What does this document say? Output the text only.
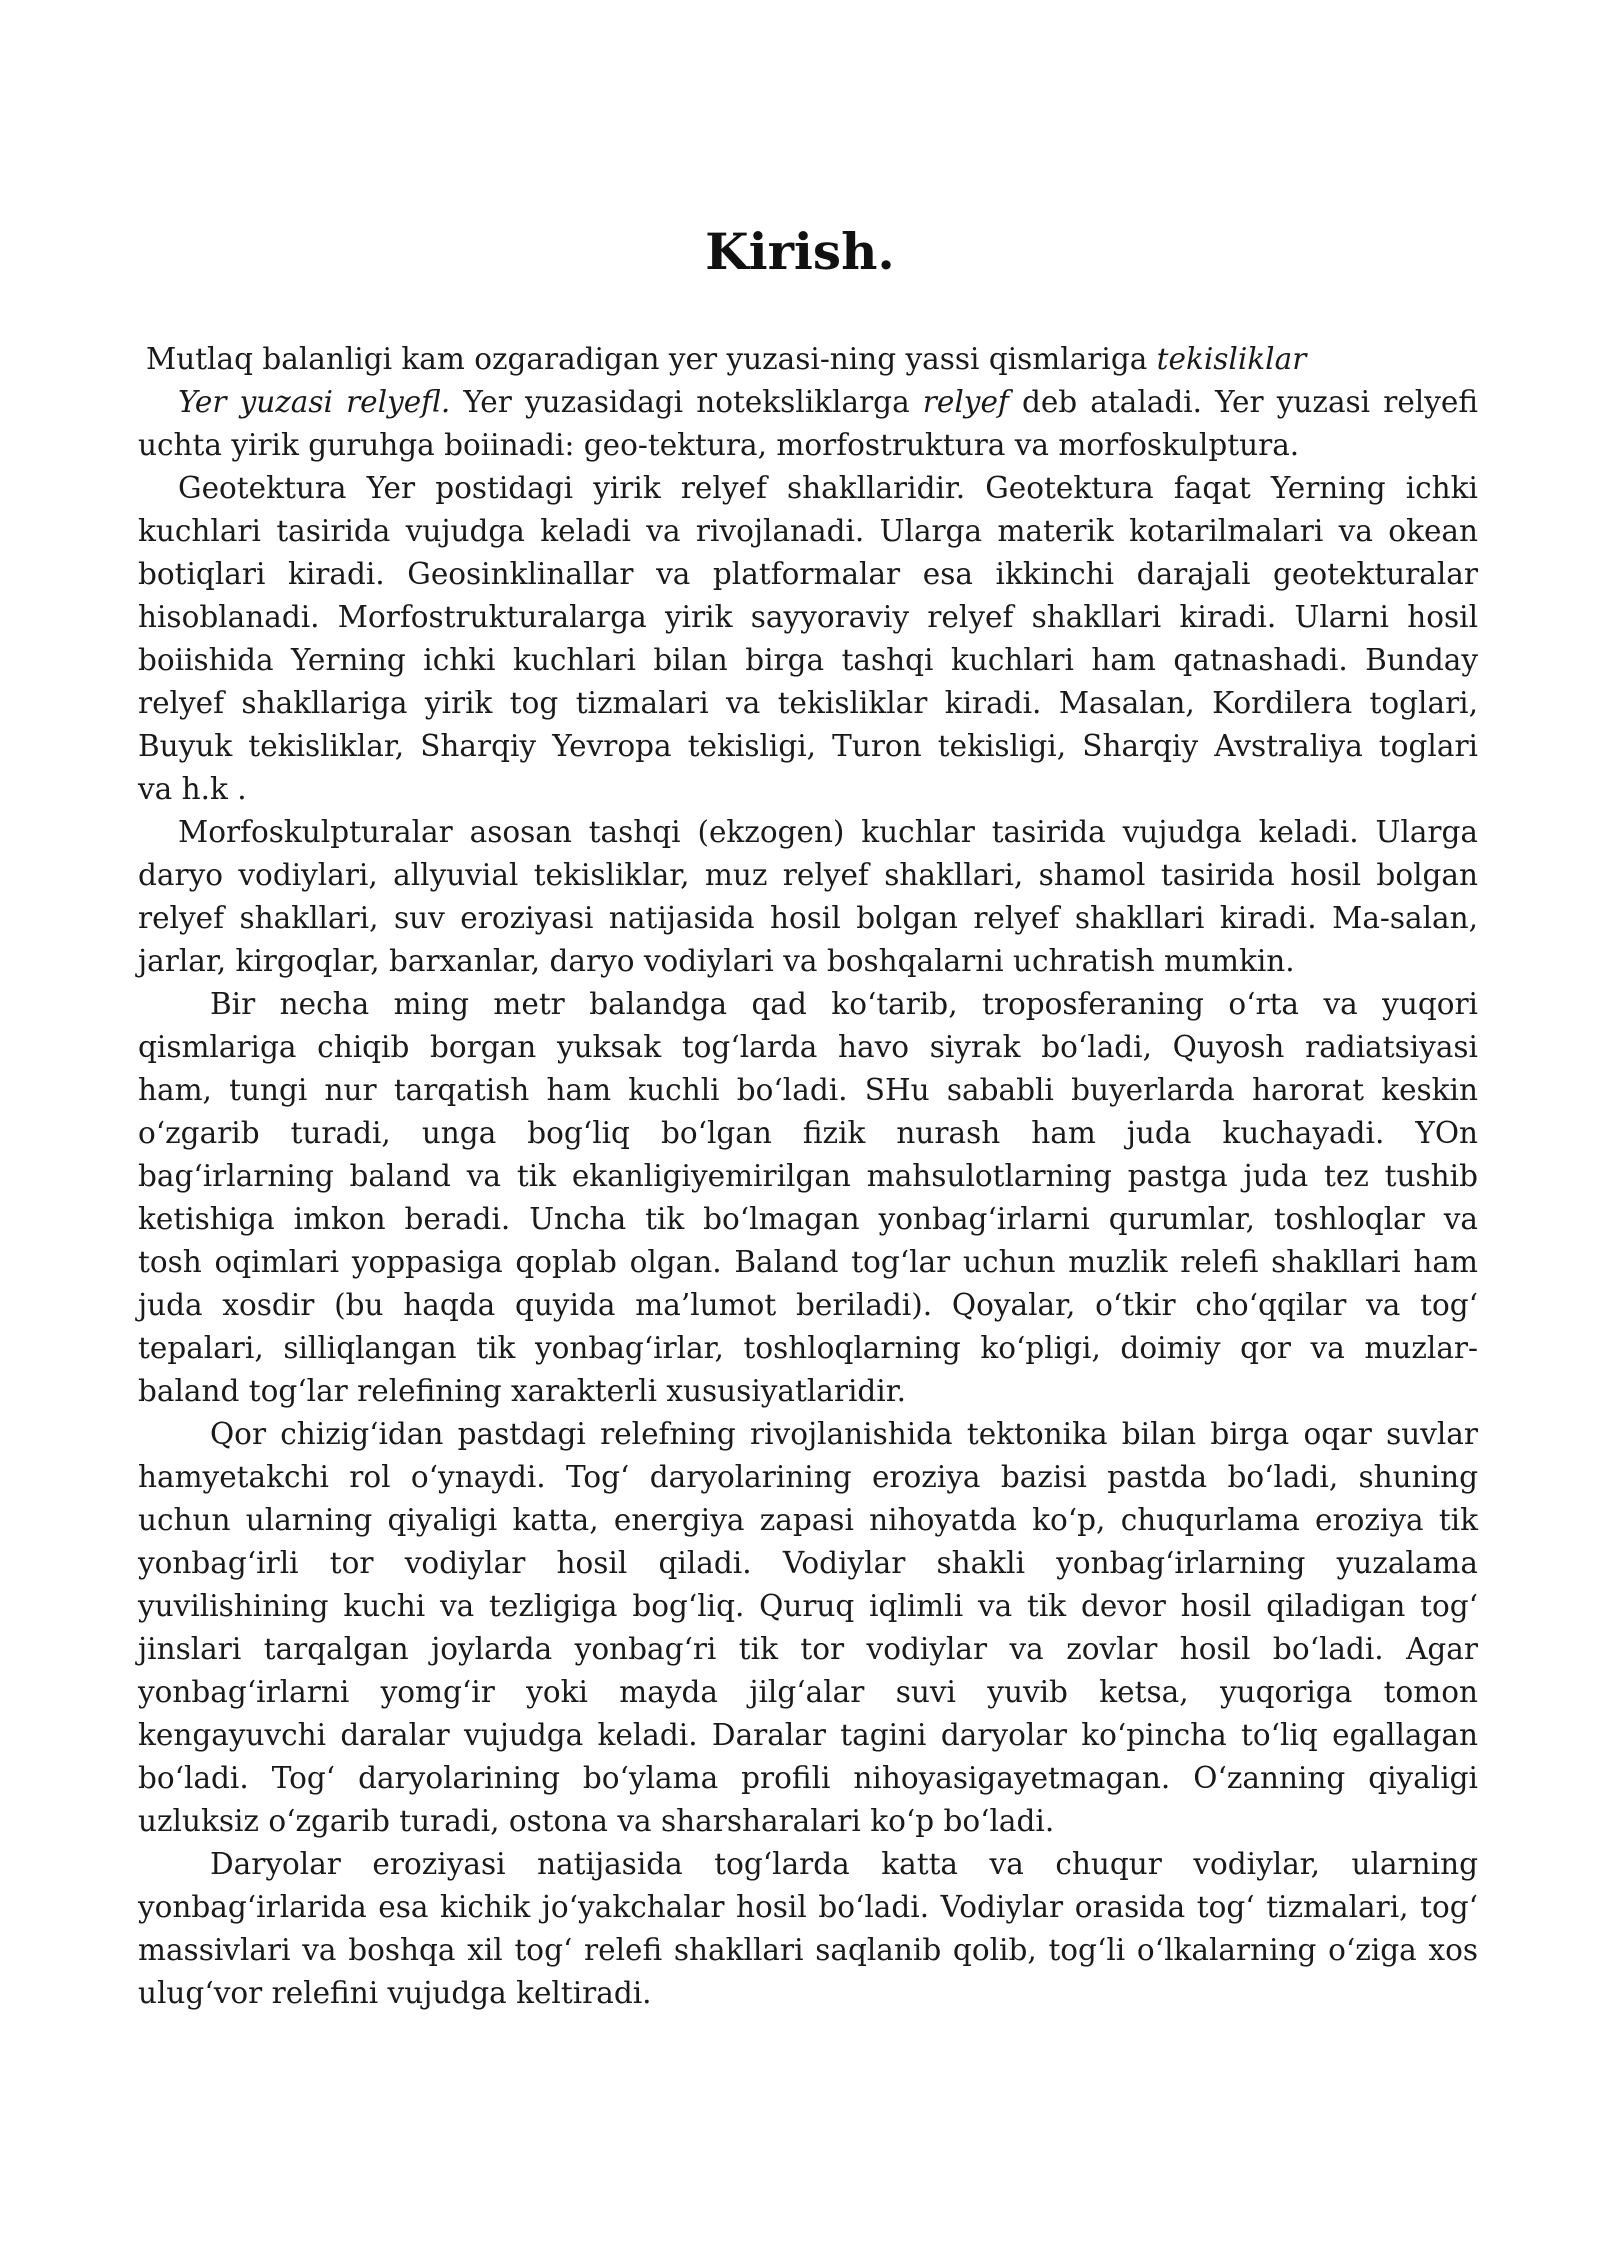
Kirish.
Mutlaq balanligi kam ozgaradigan yer yuzasi-ning yassi qismlariga tekisliklar
Yer yuzasi relyefl. Yer yuzasidagi noteksliklarga relyef deb ataladi. Yer yuzasi relyefi
uchta yirik guruhga boiinadi: geo-tektura, morfostruktura va morfoskulptura.
Geotektura Yer postidagi yirik relyef shakllaridir. Geotektura faqat Yerning ichki
kuchlari tasirida vujudga keladi va rivojlanadi. Ularga materik kotarilmalari va okean
botiqlari kiradi. Geosinklinallar va platformalar esa ikkinchi darajali geotekturalar
hisoblanadi. Morfostrukturalarga yirik sayyoraviy relyef shakllari kiradi. Ularni hosil
boiishida Yerning ichki kuchlari bilan birga tashqi kuchlari ham qatnashadi. Bunday
relyef shakllariga yirik tog tizmalari va tekisliklar kiradi. Masalan, Kordilera toglari,
Buyuk tekisliklar, Sharqiy Yevropa tekisligi, Turon tekisligi, Sharqiy Avstraliya toglari
va h.k .
Morfoskulpturalar asosan tashqi (ekzogen) kuchlar tasirida vujudga keladi. Ularga
daryo vodiylari, allyuvial tekisliklar, muz relyef shakllari, shamol tasirida hosil bolgan
relyef shakllari, suv eroziyasi natijasida hosil bolgan relyef shakllari kiradi. Ma-salan,
jarlar, kirgoqlar, barxanlar, daryo vodiylari va boshqalarni uchratish mumkin.
Bir necha ming metr balandga qad ko‘tarib, troposferaning o‘rta va yuqori
qismlariga chiqib borgan yuksak tog‘larda havo siyrak bo‘ladi, Quyosh radiatsiyasi
ham, tungi nur tarqatish ham kuchli bo‘ladi. SHu sababli buyerlarda harorat keskin
o‘zgarib turadi, unga bog‘liq bo‘lgan fizik nurash ham juda kuchayadi. YOn
bag‘irlarning baland va tik ekanligiyemirilgan mahsulotlarning pastga juda tez tushib
ketishiga imkon beradi. Uncha tik bo‘lmagan yonbag‘irlarni qurumlar, toshloqlar va
tosh oqimlari yoppasiga qoplab olgan. Baland tog‘lar uchun muzlik relefi shakllari ham
juda xosdir (bu haqda quyida ma’lumot beriladi). Qoyalar, o‘tkir cho‘qqilar va tog‘
tepalari, silliqlangan tik yonbag‘irlar, toshloqlarning ko‘pligi, doimiy qor va muzlar-
baland tog‘lar relefining xarakterli xususiyatlaridir.
Qor chizig‘idan pastdagi relefning rivojlanishida tektonika bilan birga oqar suvlar
hamyetakchi rol o‘ynaydi. Tog‘ daryolarining eroziya bazisi pastda bo‘ladi, shuning
uchun ularning qiyaligi katta, energiya zapasi nihoyatda ko‘p, chuqurlama eroziya tik
yonbag‘irli tor vodiylar hosil qiladi. Vodiylar shakli yonbag‘irlarning yuzalama
yuvilishining kuchi va tezligiga bog‘liq. Quruq iqlimli va tik devor hosil qiladigan tog‘
jinslari tarqalgan joylarda yonbag‘ri tik tor vodiylar va zovlar hosil bo‘ladi. Agar
yonbag‘irlarni yomg‘ir yoki mayda jilg‘alar suvi yuvib ketsa, yuqoriga tomon
kengayuvchi daralar vujudga keladi. Daralar tagini daryolar ko‘pincha to‘liq egallagan
bo‘ladi. Tog‘ daryolarining bo‘ylama profili nihoyasigayetmagan. O‘zanning qiyaligi
uzluksiz o‘zgarib turadi, ostona va sharsharalari ko‘p bo‘ladi.
Daryolar eroziyasi natijasida tog‘larda katta va chuqur vodiylar, ularning
yonbag‘irlarida esa kichik jo‘yakchalar hosil bo‘ladi. Vodiylar orasida tog‘ tizmalari, tog‘
massivlari va boshqa xil tog‘ relefi shakllari saqlanib qolib, tog‘li o‘lkalarning o‘ziga xos
ulug‘vor relefini vujudga keltiradi.
